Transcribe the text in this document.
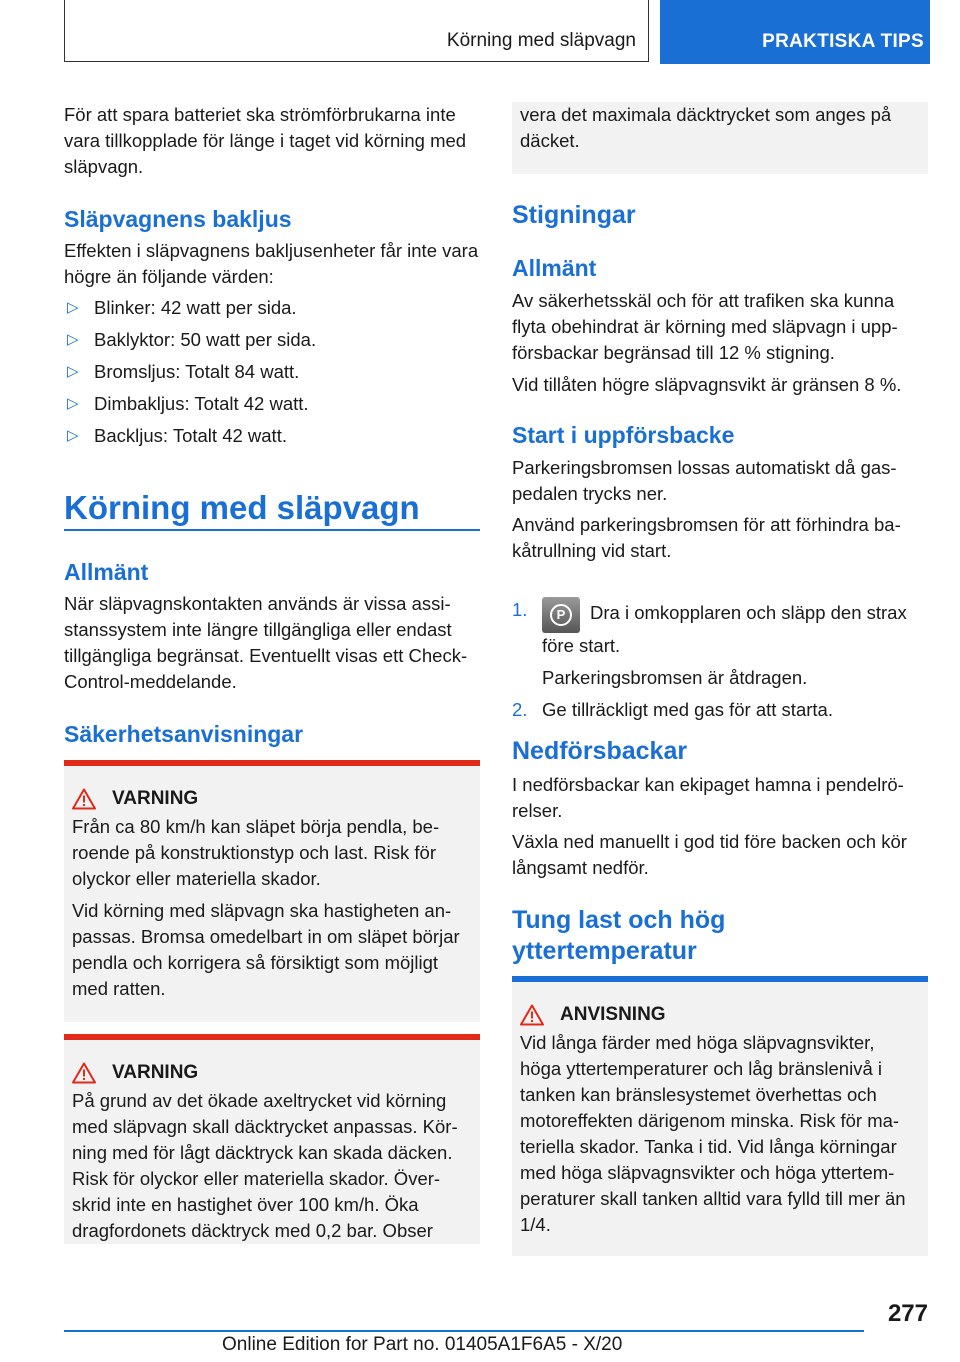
Körning med släpvagn	PRAKTISKA TIPS

För att spara batteriet ska strömförbrukarna inte vara tillkopplade för länge i taget vid körning med släpvagn.

Släpvagnens bakljus

Effekten i släpvagnens bakljusenheter får inte vara högre än följande värden:

▷ Blinker: 42 watt per sida.
▷ Baklyktor: 50 watt per sida.
▷ Bromsljus: Totalt 84 watt.
▷ Dimbakljus: Totalt 42 watt.
▷ Backljus: Totalt 42 watt.
Körning med släpvagn
Allmänt

När släpvagnskontakten används är vissa assistanssystem inte längre tillgängliga eller endast tillgängliga begränsat. Eventuellt visas ett Check-Control-meddelande.

Säkerhetsanvisningar
VARNING

Från ca 80 km/h kan släpet börja pendla, beroende på konstruktionstyp och last. Risk för olyckor eller materiella skador.

Vid körning med släpvagn ska hastigheten anpassas. Bromsa omedelbart in om släpet börjar pendla och korrigera så försiktigt som möjligt med ratten.

VARNING

På grund av det ökade axeltrycket vid körning med släpvagn skall däcktrycket anpassas. Körning med för lågt däcktryck kan skada däcken. Risk för olyckor eller materiella skador. Överskrid inte en hastighet över 100 km/h. Öka dragfordonets däcktryck med 0,2 bar. Obser

vera det maximala däcktrycket som anges på däcket.

Stigningar
Allmänt

Av säkerhetsskäl och för att trafiken ska kunna flyta obehindrat är körning med släpvagn i uppförsbackar begränsad till 12 % stigning.

Vid tillåten högre släpvagnsvikt är gränsen 8 %.

Start i uppförsbacke

Parkeringsbromsen lossas automatiskt då gaspedalen trycks ner.

Använd parkeringsbromsen för att förhindra bakåtrullning vid start.

1.	P	Dra i omkopplaren och släpp den strax före start.

Parkeringsbromsen är åtdragen.

2. Ge tillräckligt med gas för att starta.
Nedförsbackar

I nedförsbackar kan ekipaget hamna i pendelrörelser.

Växla ned manuellt i god tid före backen och kör långsamt nedför.

Tung last och hög yttertemperatur
ANVISNING

Vid långa färder med höga släpvagnsvikter, höga yttertemperaturer och låg bränslenivå i tanken kan bränslesystemet överhettas och motoreffekten därigenom minska. Risk för materiella skador. Tanka i tid. Vid långa körningar med höga släpvagnsvikter och höga yttertemperaturer skall tanken alltid vara fylld till mer än 1/4.

277
Online Edition for Part no. 01405A1F6A5 - X/20
